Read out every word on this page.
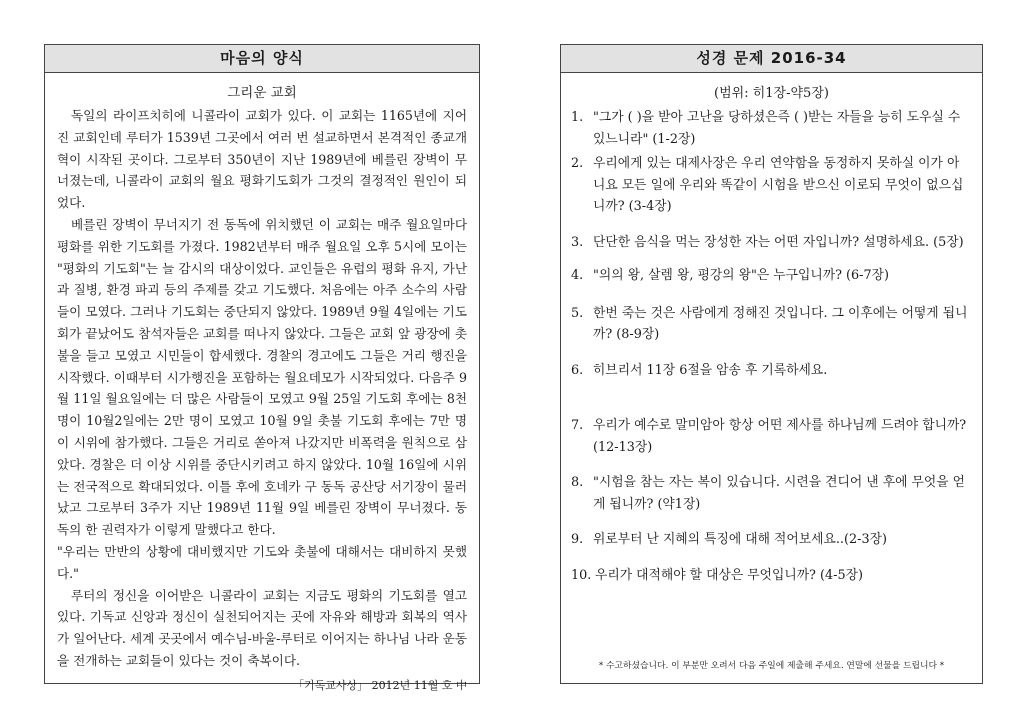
마음의 양식
그리운 교회

독일의 라이프치히에 니콜라이 교회가 있다. 이 교회는 1165년에 지어진 교회인데 루터가 1539년 그곳에서 여러 번 설교하면서 본격적인 종교개혁이 시작된 곳이다. 그로부터 350년이 지난 1989년에 베를린 장벽이 무너졌는데, 니콜라이 교회의 월요 평화기도회가 그것의 결정적인 원인이 되었다.

베를린 장벽이 무너지기 전 동독에 위치했던 이 교회는 매주 월요일마다 평화를 위한 기도회를 가졌다. 1982년부터 매주 월요일 오후 5시에 모이는 "평화의 기도회"는 늘 감시의 대상이었다. 교인들은 유럽의 평화 유지, 가난과 질병, 환경 파괴 등의 주제를 갖고 기도했다. 처음에는 아주 소수의 사람들이 모였다. 그러나 기도회는 중단되지 않았다. 1989년 9월 4일에는 기도회가 끝났어도 참석자들은 교회를 떠나지 않았다. 그들은 교회 앞 광장에 촛불을 들고 모였고 시민들이 합세했다. 경찰의 경고에도 그들은 거리 행진을 시작했다. 이때부터 시가행진을 포함하는 월요데모가 시작되었다. 다음주 9월 11일 월요일에는 더 많은 사람들이 모였고 9월 25일 기도회 후에는 8천명이 10월2일에는 2만 명이 모였고 10월 9일 촛불 기도회 후에는 7만 명이 시위에 참가했다. 그들은 거리로 쏟아져 나갔지만 비폭력을 원칙으로 삼았다. 경찰은 더 이상 시위를 중단시키려고 하지 않았다. 10월 16일에 시위는 전국적으로 확대되었다. 이틀 후에 호네카 구 동독 공산당 서기장이 물러났고 그로부터 3주가 지난 1989년 11월 9일 베를린 장벽이 무너졌다. 동독의 한 권력자가 이렇게 말했다고 한다.

"우리는 만반의 상황에 대비했지만 기도와 촛불에 대해서는 대비하지 못했다."

루터의 정신을 이어받은 니콜라이 교회는 지금도 평화의 기도회를 열고 있다. 기독교 신앙과 정신이 실천되어지는 곳에 자유와 해방과 회복의 역사가 일어난다. 세계 곳곳에서 예수님-바울-루터로 이어지는 하나님 나라 운동을 전개하는 교회들이 있다는 것이 축복이다.

「기독교사상」 2012년 11월 호 中
성경 문제 2016-34
(범위: 히1장-약5장)
1. "그가 ( )을 받아 고난을 당하셨은즉 ( )받는 자들을 능히 도우실 수 있느니라" (1-2장)
2. 우리에게 있는 대제사장은 우리 연약함을 동정하지 못하실 이가 아니요 모든 일에 우리와 똑같이 시험을 받으신 이로되 무엇이 없으십니까? (3-4장)
3. 단단한 음식을 먹는 장성한 자는 어떤 자입니까? 설명하세요. (5장)
4. "의의 왕, 살렘 왕, 평강의 왕"은 누구입니까? (6-7장)
5. 한번 죽는 것은 사람에게 정해진 것입니다. 그 이후에는 어떻게 됩니까? (8-9장)
6. 히브리서 11장 6절을 암송 후 기록하세요.
7. 우리가 예수로 말미암아 항상 어떤 제사를 하나님께 드려야 합니까? (12-13장)
8. "시험을 참는 자는 복이 있습니다. 시련을 견디어 낸 후에 무엇을 얻게 됩니까? (약1장)
9. 위로부터 난 지혜의 특징에 대해 적어보세요..(2-3장)
10. 우리가 대적해야 할 대상은 무엇입니까? (4-5장)
* 수고하셨습니다. 이 부분만 오려서 다음 주일에 제출해 주세요. 연말에 선물을 드립니다 *
